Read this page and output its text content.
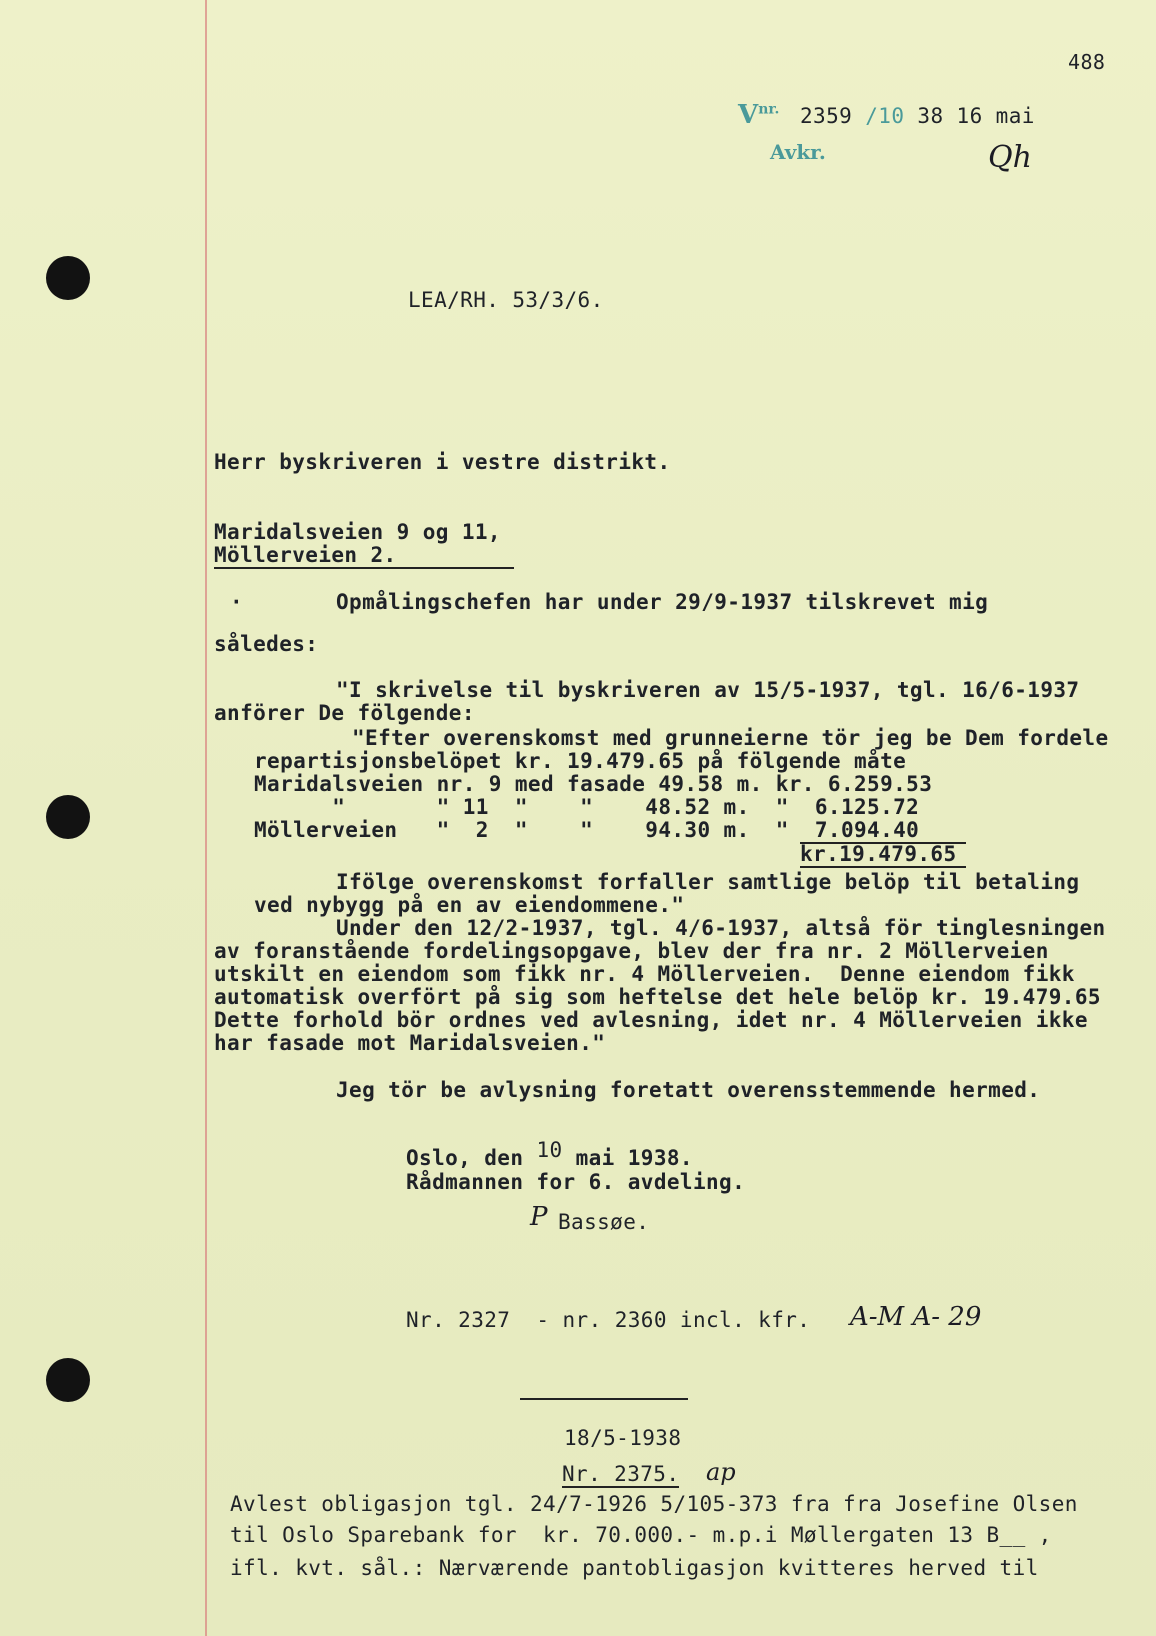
488
$V^{nr.}$ 2359 /10 38 16 mai
Avkr.	Qh
LEA/RH. 53/3/6.
Herr byskriveren i vestre distrikt.
Maridalsveien 9 og 11,
Möllerveien 2.
·	Opmålingschefen har under 29/9-1937 tilskrevet mig
således:
"I skrivelse til byskriveren av 15/5-1937, tgl. 16/6-1937
anförer De fölgende:
"Efter overenskomst med grunneierne tör jeg be Dem fordele
repartisjonsbelöpet kr. 19.479.65 på fölgende måte
Maridalsveien nr. 9 med fasade 49.58 m. kr. 6.259.53
"       " 11  "    "    48.52 m.  "  6.125.72
Möllerveien   "  2  "    "    94.30 m.  "  7.094.40
kr.19.479.65
Ifölge overenskomst forfaller samtlige belöp til betaling
ved nybygg på en av eiendommene."
Under den 12/2-1937, tgl. 4/6-1937, altså för tinglesningen
av foranstående fordelingsopgave, blev der fra nr. 2 Möllerveien
utskilt en eiendom som fikk nr. 4 Möllerveien.  Denne eiendom fikk
automatisk overfört på sig som heftelse det hele belöp kr. 19.479.65
Dette forhold bör ordnes ved avlesning, idet nr. 4 Möllerveien ikke
har fasade mot Maridalsveien."
Jeg tör be avlysning foretatt overensstemmende hermed.
Oslo, den 10 mai 1938.
Rådmannen for 6. avdeling.
P Bassøe.
Nr. 2327  - nr. 2360 incl. kfr. A-M A- 29
18/5-1938
Nr. 2375. ap
Avlest obligasjon tgl. 24/7-1926 5/105-373 fra fra Josefine Olsen
til Oslo Sparebank for  kr. 70.000.- m.p.i Møllergaten 13 B__ ,
ifl. kvt. sål.: Nærværende pantobligasjon kvitteres herved til
